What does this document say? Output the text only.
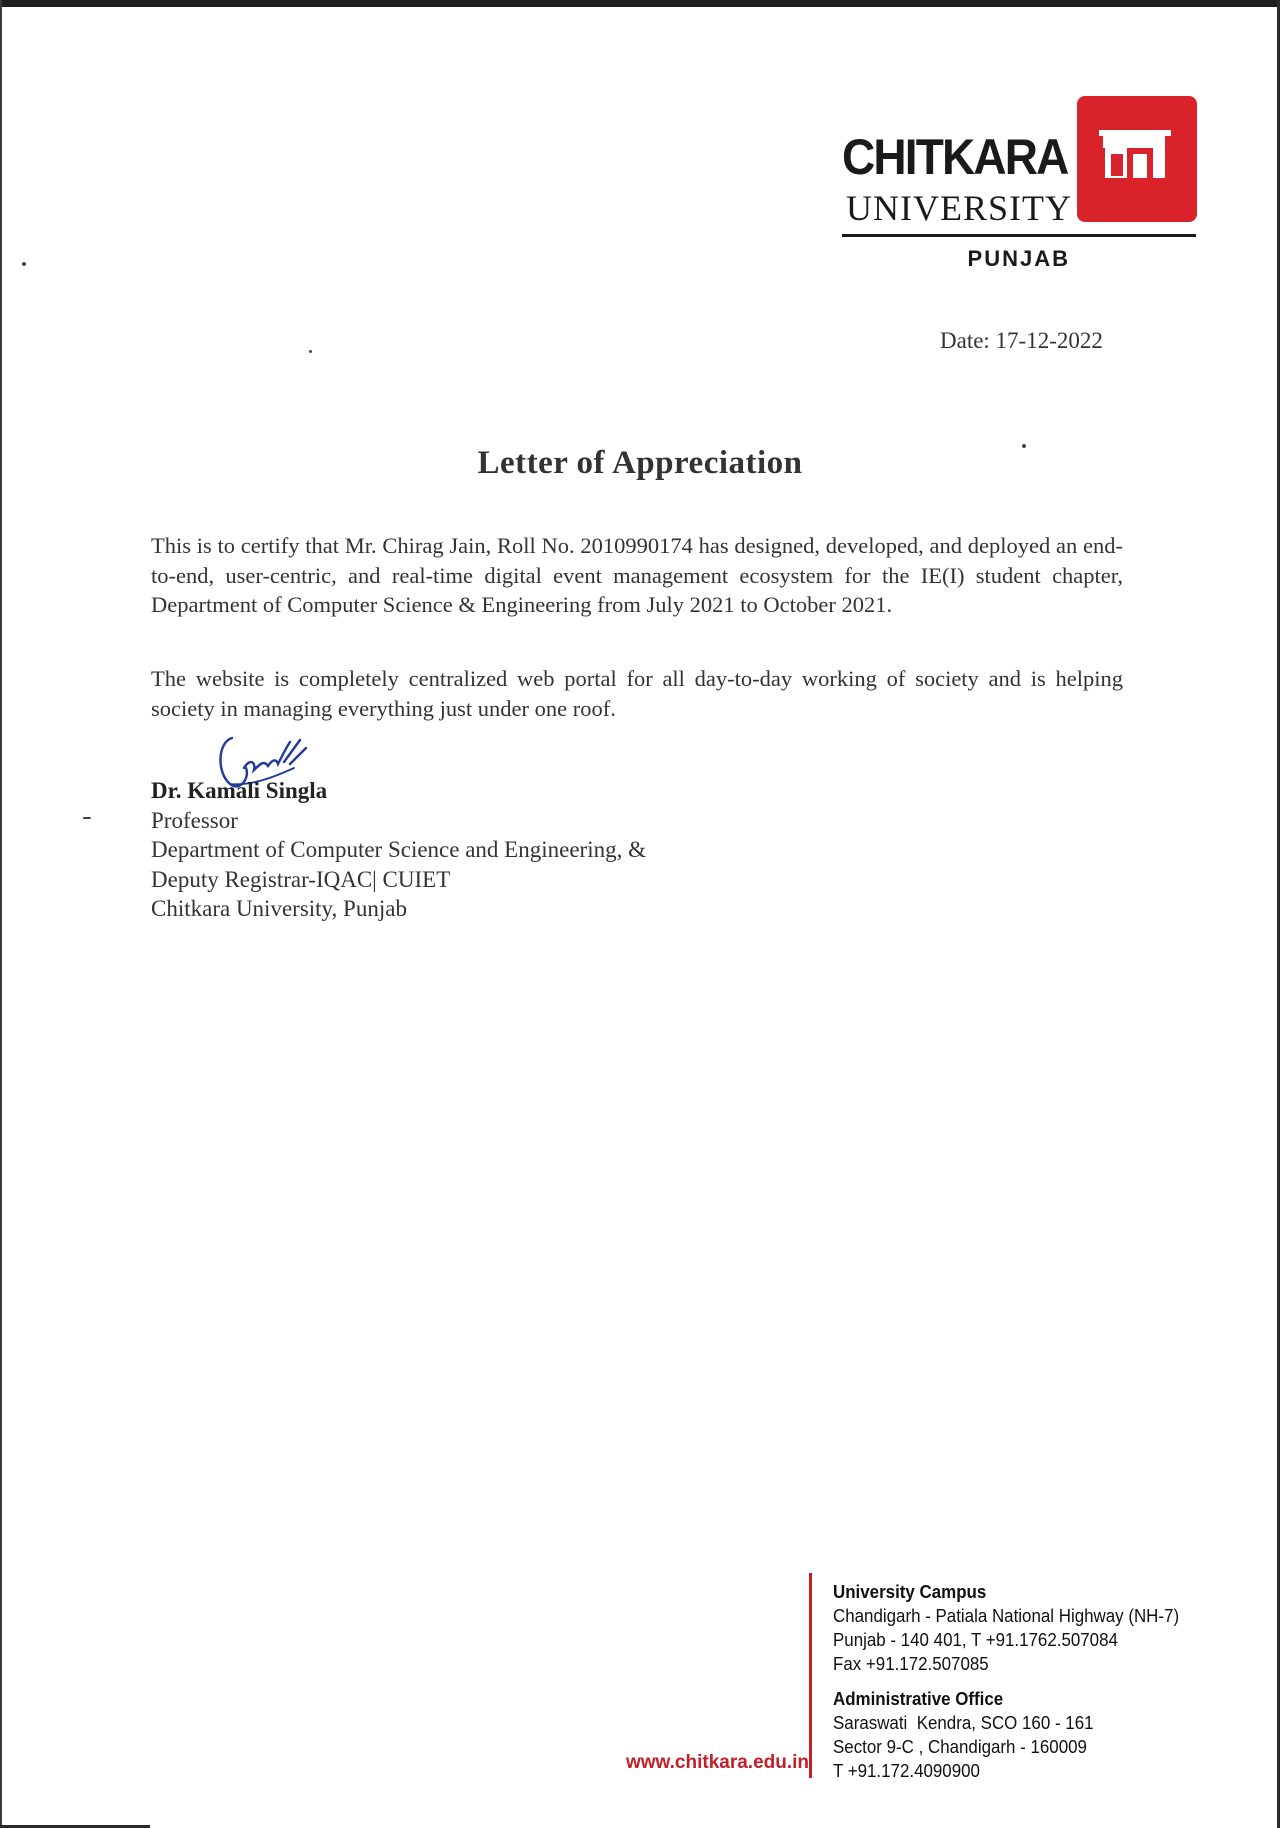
CHITKARA
UNIVERSITY
PUNJAB
Date: 17-12-2022
Letter of Appreciation
This is to certify that Mr. Chirag Jain, Roll No. 2010990174 has designed, developed, and deployed an end-to-end, user-centric, and real-time digital event management ecosystem for the IE(I) student chapter, Department of Computer Science & Engineering from July 2021 to October 2021.
The website is completely centralized web portal for all day-to-day working of society and is helping society in managing everything just under one roof.
Dr. Kamali Singla
Professor
Department of Computer Science and Engineering, &
Deputy Registrar-IQAC| CUIET
Chitkara University, Punjab
www.chitkara.edu.in
University Campus
Chandigarh - Patiala National Highway (NH-7)
Punjab - 140 401, T +91.1762.507084
Fax +91.172.507085
Administrative Office
Saraswati  Kendra, SCO 160 - 161
Sector 9-C , Chandigarh - 160009
T +91.172.4090900
